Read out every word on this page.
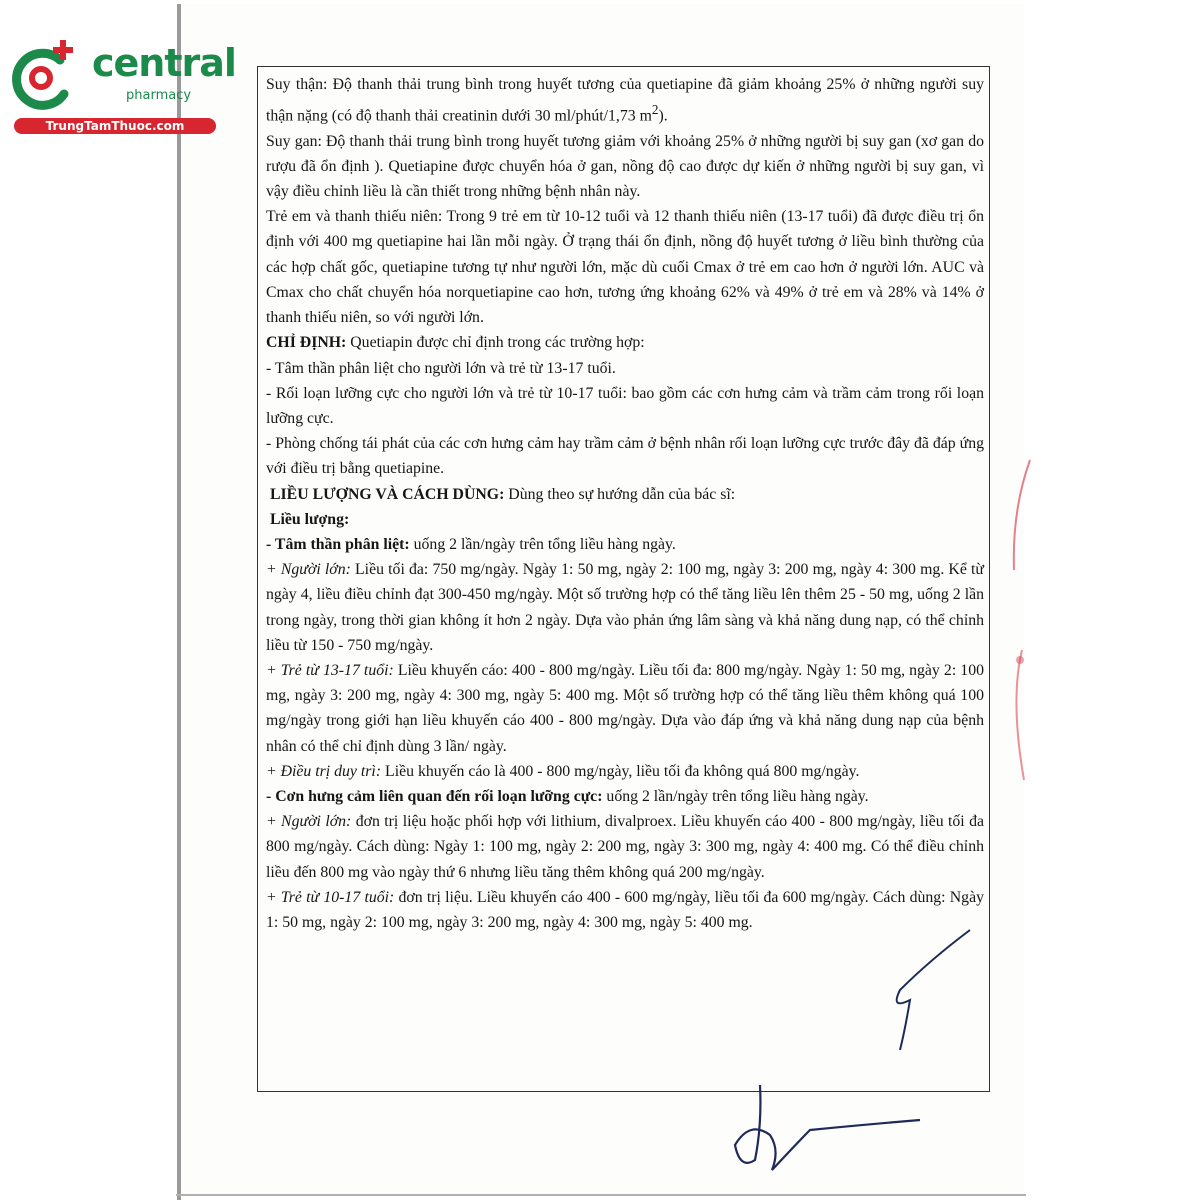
central
pharmacy
TrungTamThuoc.com

Suy thận: Độ thanh thải trung bình trong huyết tương của quetiapine đã giảm khoảng 25% ở những người suy thận nặng (có độ thanh thải creatinin dưới 30 ml/phút/1,73 $m^2$).

Suy gan: Độ thanh thải trung bình trong huyết tương giảm với khoảng 25% ở những người bị suy gan (xơ gan do rượu đã ổn định ). Quetiapine được chuyển hóa ở gan, nồng độ cao được dự kiến ở những người bị suy gan, vì vậy điều chỉnh liều là cần thiết trong những bệnh nhân này.

Trẻ em và thanh thiếu niên: Trong 9 trẻ em từ 10-12 tuổi và 12 thanh thiếu niên (13-17 tuổi) đã được điều trị ổn định với 400 mg quetiapine hai lần mỗi ngày. Ở trạng thái ổn định, nồng độ huyết tương ở liều bình thường của các hợp chất gốc, quetiapine tương tự như người lớn, mặc dù cuối Cmax ở trẻ em cao hơn ở người lớn. AUC và Cmax cho chất chuyển hóa norquetiapine cao hơn, tương ứng khoảng 62% và 49% ở trẻ em và 28% và 14% ở thanh thiếu niên, so với người lớn.

CHỈ ĐỊNH: Quetiapin được chỉ định trong các trường hợp:

- Tâm thần phân liệt cho người lớn và trẻ từ 13-17 tuổi.

- Rối loạn lưỡng cực cho người lớn và trẻ từ 10-17 tuổi: bao gồm các cơn hưng cảm và trầm cảm trong rối loạn lưỡng cực.

- Phòng chống tái phát của các cơn hưng cảm hay trầm cảm ở bệnh nhân rối loạn lưỡng cực trước đây đã đáp ứng với điều trị bằng quetiapine.

LIỀU LƯỢNG VÀ CÁCH DÙNG: Dùng theo sự hướng dẫn của bác sĩ:

Liều lượng:

- Tâm thần phân liệt: uống 2 lần/ngày trên tổng liều hàng ngày.

+ Người lớn: Liều tối đa: 750 mg/ngày. Ngày 1: 50 mg, ngày 2: 100 mg, ngày 3: 200 mg, ngày 4: 300 mg. Kể từ ngày 4, liều điều chỉnh đạt 300-450 mg/ngày. Một số trường hợp có thể tăng liều lên thêm 25 - 50 mg, uống 2 lần trong ngày, trong thời gian không ít hơn 2 ngày. Dựa vào phản ứng lâm sàng và khả năng dung nạp, có thể chỉnh liều từ 150 - 750 mg/ngày.

+ Trẻ từ 13-17 tuổi: Liều khuyến cáo: 400 - 800 mg/ngày. Liều tối đa: 800 mg/ngày. Ngày 1: 50 mg, ngày 2: 100 mg, ngày 3: 200 mg, ngày 4: 300 mg, ngày 5: 400 mg. Một số trường hợp có thể tăng liều thêm không quá 100 mg/ngày trong giới hạn liều khuyến cáo 400 - 800 mg/ngày. Dựa vào đáp ứng và khả năng dung nạp của bệnh nhân có thể chỉ định dùng 3 lần/ ngày.

+ Điều trị duy trì: Liều khuyến cáo là 400 - 800 mg/ngày, liều tối đa không quá 800 mg/ngày.

- Cơn hưng cảm liên quan đến rối loạn lưỡng cực: uống 2 lần/ngày trên tổng liều hàng ngày.

+ Người lớn: đơn trị liệu hoặc phối hợp với lithium, divalproex. Liều khuyến cáo 400 - 800 mg/ngày, liều tối đa 800 mg/ngày. Cách dùng: Ngày 1: 100 mg, ngày 2: 200 mg, ngày 3: 300 mg, ngày 4: 400 mg. Có thể điều chỉnh liều đến 800 mg vào ngày thứ 6 nhưng liều tăng thêm không quá 200 mg/ngày.

+ Trẻ từ 10-17 tuổi: đơn trị liệu. Liều khuyến cáo 400 - 600 mg/ngày, liều tối đa 600 mg/ngày. Cách dùng: Ngày 1: 50 mg, ngày 2: 100 mg, ngày 3: 200 mg, ngày 4: 300 mg, ngày 5: 400 mg.
